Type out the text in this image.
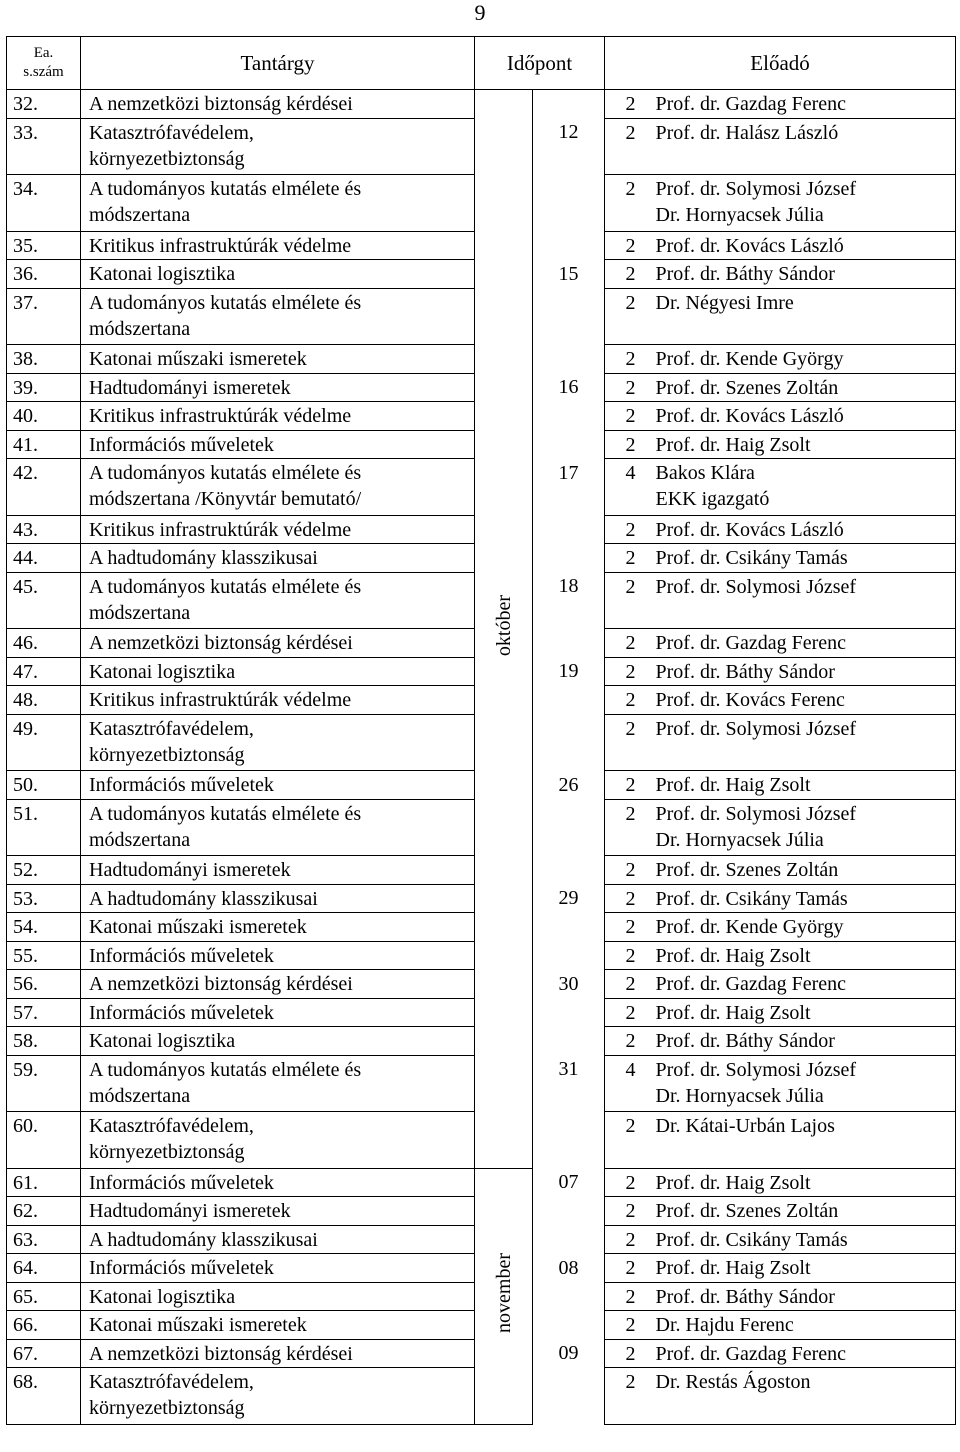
9
Ea.
s.szám	Tantárgy	Időpont		Előadó	
32.	A nemzetközi biztonság kérdései	október		2	Prof. dr. Gazdag Ferenc

33.	Katasztrófavédelem,
környezetbiztonság		12	2	Prof. dr. Halász László

34.	A tudományos kutatás elmélete és
módszertana			2	Prof. dr. Solymosi József
Dr. Hornyacsek Júlia

35.	Kritikus infrastruktúrák védelme			2	Prof. dr. Kovács László

36.	Katonai logisztika		15	2	Prof. dr. Báthy Sándor

37.	A tudományos kutatás elmélete és
módszertana			2	Dr. Négyesi Imre

38.	Katonai műszaki ismeretek			2	Prof. dr. Kende György

39.	Hadtudományi ismeretek		16	2	Prof. dr. Szenes Zoltán

40.	Kritikus infrastruktúrák védelme			2	Prof. dr. Kovács László

41.	Információs műveletek			2	Prof. dr. Haig Zsolt

42.	A tudományos kutatás elmélete és
módszertana /Könyvtár bemutató/		17	4	Bakos Klára
EKK igazgató

43.	Kritikus infrastruktúrák védelme			2	Prof. dr. Kovács László

44.	A hadtudomány klasszikusai			2	Prof. dr. Csikány Tamás

45.	A tudományos kutatás elmélete és
módszertana		18	2	Prof. dr. Solymosi József

46.	A nemzetközi biztonság kérdései			2	Prof. dr. Gazdag Ferenc

47.	Katonai logisztika		19	2	Prof. dr. Báthy Sándor

48.	Kritikus infrastruktúrák védelme			2	Prof. dr. Kovács Ferenc

49.	Katasztrófavédelem,
környezetbiztonság			2	Prof. dr. Solymosi József

50.	Információs műveletek		26	2	Prof. dr. Haig Zsolt

51.	A tudományos kutatás elmélete és
módszertana			2	Prof. dr. Solymosi József
Dr. Hornyacsek Júlia

52.	Hadtudományi ismeretek			2	Prof. dr. Szenes Zoltán

53.	A hadtudomány klasszikusai		29	2	Prof. dr. Csikány Tamás

54.	Katonai műszaki ismeretek			2	Prof. dr. Kende György

55.	Információs műveletek			2	Prof. dr. Haig Zsolt

56.	A nemzetközi biztonság kérdései		30	2	Prof. dr. Gazdag Ferenc

57.	Információs műveletek			2	Prof. dr. Haig Zsolt

58.	Katonai logisztika			2	Prof. dr. Báthy Sándor

59.	A tudományos kutatás elmélete és
módszertana		31	4	Prof. dr. Solymosi József
Dr. Hornyacsek Júlia

60.	Katasztrófavédelem,
környezetbiztonság			2	Dr. Kátai-Urbán Lajos

61.	Információs műveletek	november	07	2	Prof. dr. Haig Zsolt

62.	Hadtudományi ismeretek			2	Prof. dr. Szenes Zoltán

63.	A hadtudomány klasszikusai			2	Prof. dr. Csikány Tamás

64.	Információs műveletek		08	2	Prof. dr. Haig Zsolt

65.	Katonai logisztika			2	Prof. dr. Báthy Sándor

66.	Katonai műszaki ismeretek			2	Dr. Hajdu Ferenc

67.	A nemzetközi biztonság kérdései		09	2	Prof. dr. Gazdag Ferenc

68.	Katasztrófavédelem,
környezetbiztonság			2	Dr. Restás Ágoston
